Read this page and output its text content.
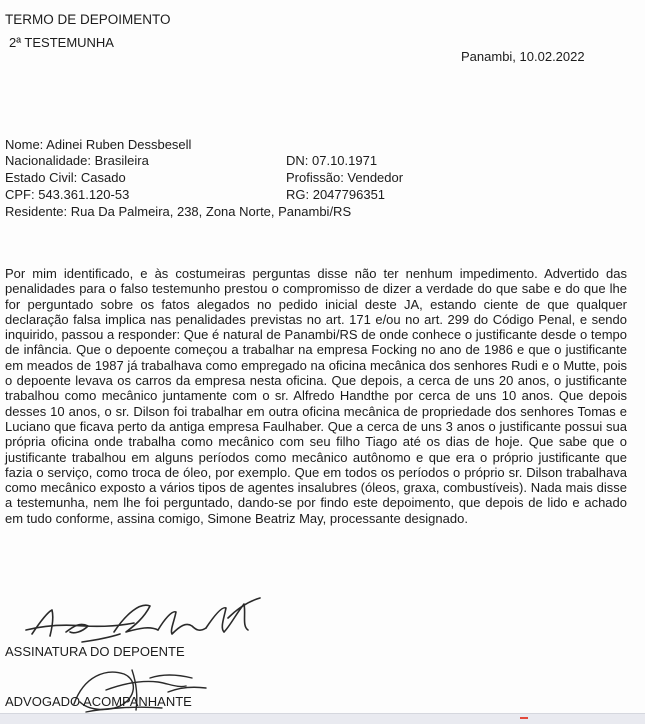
TERMO DE DEPOIMENTO
2ª TESTEMUNHA
Panambi, 10.02.2022
Nome: Adinei Ruben Dessbesell
Nacionalidade: Brasileira	DN: 07.10.1971
Estado Civil: Casado	Profissão: Vendedor
CPF: 543.361.120-53	RG: 2047796351
Residente: Rua Da Palmeira, 238, Zona Norte, Panambi/RS
Por mim identificado, e às costumeiras perguntas disse não ter nenhum impedimento. Advertido das penalidades para o falso testemunho prestou o compromisso de dizer a verdade do que sabe e do que lhe for perguntado sobre os fatos alegados no pedido inicial deste JA, estando ciente de que qualquer declaração falsa implica nas penalidades previstas no art. 171 e/ou no art. 299 do Código Penal, e sendo inquirido, passou a responder: Que é natural de Panambi/RS de onde conhece o justificante desde o tempo de infância. Que o depoente começou a trabalhar na empresa Focking no ano de 1986 e que o justificante em meados de 1987 já trabalhava como empregado na oficina mecânica dos senhores Rudi e o Mutte, pois o depoente levava os carros da empresa nesta oficina. Que depois, a cerca de uns 20 anos, o justificante trabalhou como mecânico juntamente com o sr. Alfredo Handthe por cerca de uns 10 anos. Que depois desses 10 anos, o sr. Dilson foi trabalhar em outra oficina mecânica de propriedade dos senhores Tomas e Luciano que ficava perto da antiga empresa Faulhaber. Que a cerca de uns 3 anos o justificante possui sua própria oficina onde trabalha como mecânico com seu filho Tiago até os dias de hoje. Que sabe que o justificante trabalhou em alguns períodos como mecânico autônomo e que era o próprio justificante que fazia o serviço, como troca de óleo, por exemplo. Que em todos os períodos o próprio sr. Dilson trabalhava como mecânico exposto a vários tipos de agentes insalubres (óleos, graxa, combustíveis). Nada mais disse a testemunha, nem lhe foi perguntado, dando-se por findo este depoimento, que depois de lido e achado em tudo conforme, assina comigo, Simone Beatriz May, processante designado.
ASSINATURA DO DEPOENTE
ADVOGADO ACOMPANHANTE
